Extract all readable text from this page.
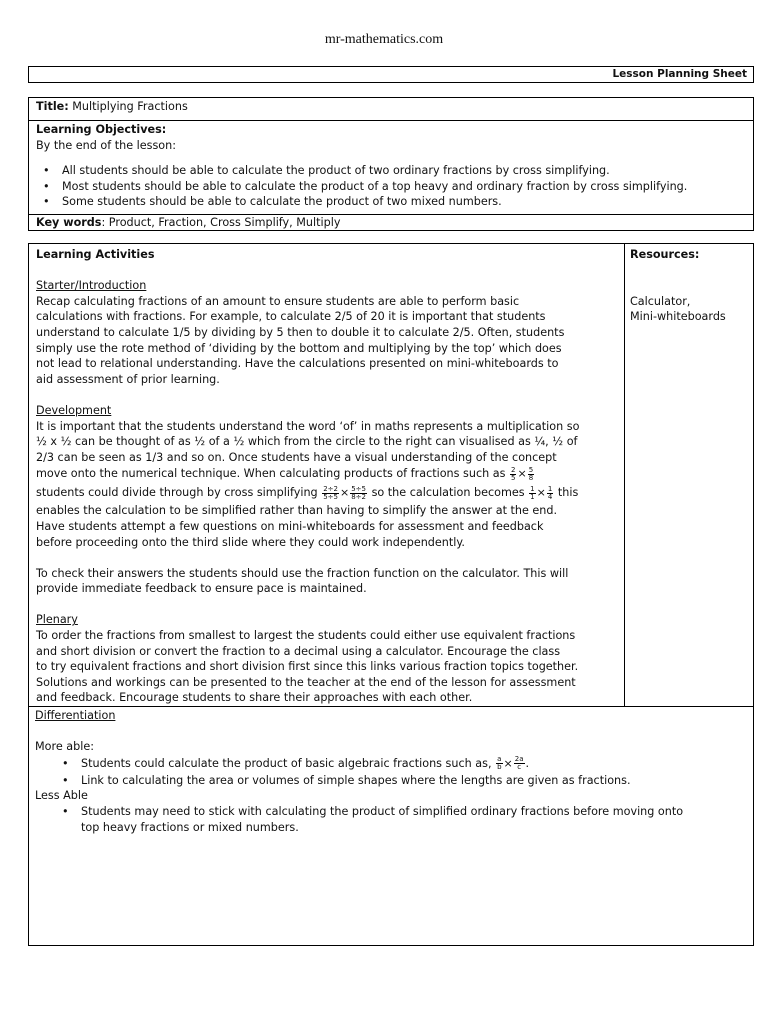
mr-mathematics.com
Lesson Planning Sheet
Title: Multiplying Fractions
Learning Objectives:
By the end of the lesson:
• All students should be able to calculate the product of two ordinary fractions by cross simplifying.
• Most students should be able to calculate the product of a top heavy and ordinary fraction by cross simplifying.
• Some students should be able to calculate the product of two mixed numbers.
Key words: Product, Fraction, Cross Simplify, Multiply
Learning Activities
Starter/Introduction
Recap calculating fractions of an amount to ensure students are able to perform basic
calculations with fractions. For example, to calculate 2/5 of 20 it is important that students
understand to calculate 1/5 by dividing by 5 then to double it to calculate 2/5. Often, students
simply use the rote method of ‘dividing by the bottom and multiplying by the top’ which does
not lead to relational understanding. Have the calculations presented on mini-whiteboards to
aid assessment of prior learning.
Development
It is important that the students understand the word ‘of’ in maths represents a multiplication so
½ x ½ can be thought of as ½ of a ½ which from the circle to the right can visualised as ¼, ½ of
2/3 can be seen as 1/3 and so on. Once students have a visual understanding of the concept
move onto the numerical technique. When calculating products of fractions such as $\frac{2}{5} \times \frac{5}{8}$
students could divide through by cross simplifying $\frac{2\div 2}{5\div 5} \times \frac{5\div 5}{8\div 2}$ so the calculation becomes $\frac{1}{1} \times \frac{1}{4}$ this
enables the calculation to be simplified rather than having to simplify the answer at the end.
Have students attempt a few questions on mini-whiteboards for assessment and feedback
before proceeding onto the third slide where they could work independently.
To check their answers the students should use the fraction function on the calculator. This will
provide immediate feedback to ensure pace is maintained.
Plenary
To order the fractions from smallest to largest the students could either use equivalent fractions
and short division or convert the fraction to a decimal using a calculator. Encourage the class
to try equivalent fractions and short division first since this links various fraction topics together.
Solutions and workings can be presented to the teacher at the end of the lesson for assessment
and feedback. Encourage students to share their approaches with each other.
Resources:
Calculator,
Mini-whiteboards
Differentiation
More able:
• Students could calculate the product of basic algebraic fractions such as, $\frac{a}{b} \times \frac{2a}{c}$ .
• Link to calculating the area or volumes of simple shapes where the lengths are given as fractions.
Less Able
• Students may need to stick with calculating the product of simplified ordinary fractions before moving onto
top heavy fractions or mixed numbers.
